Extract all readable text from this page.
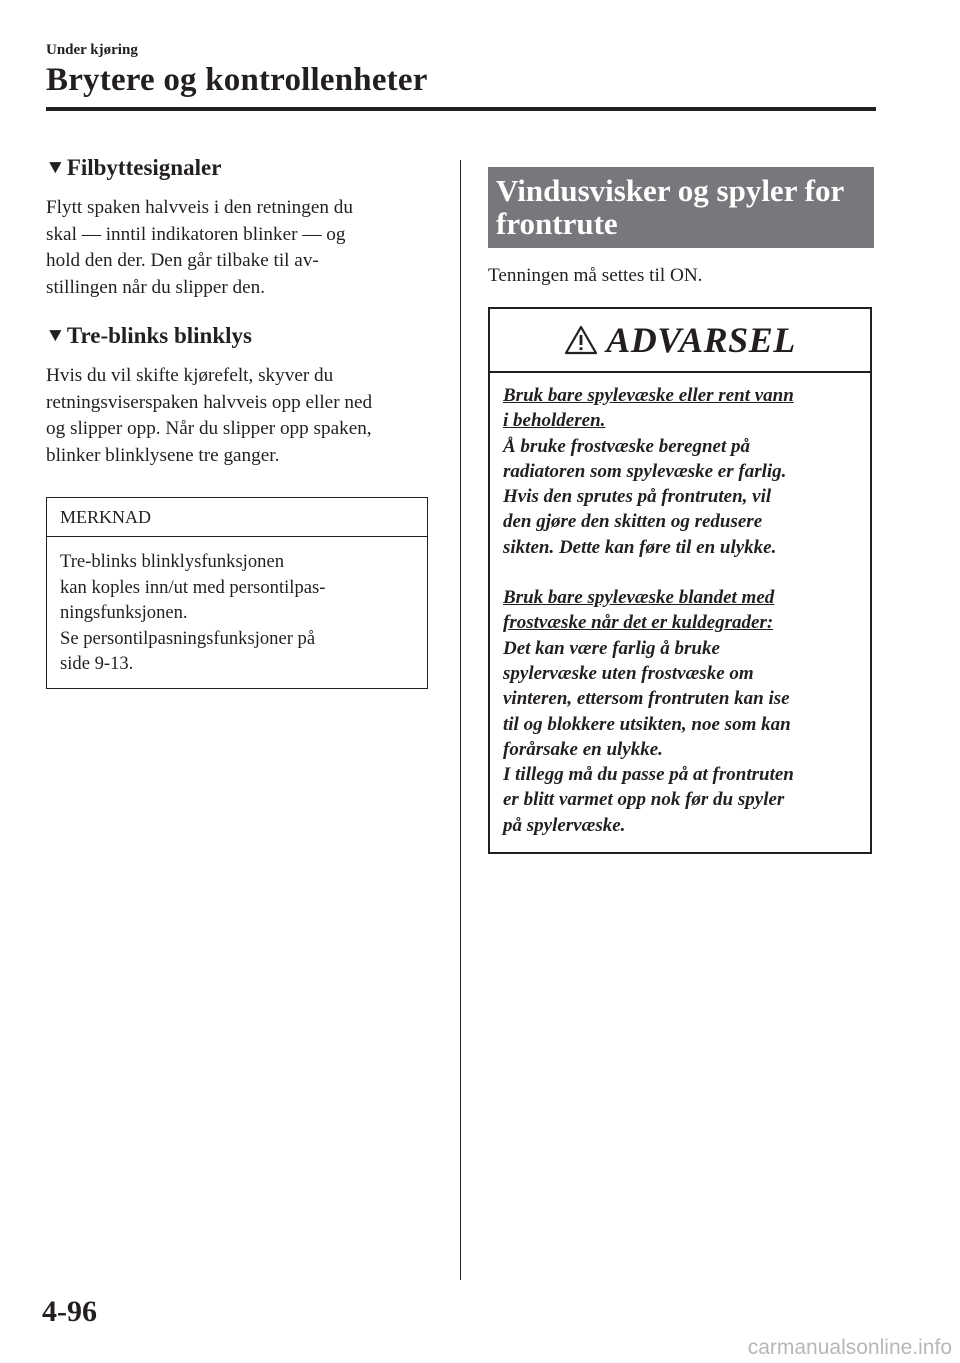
Under kjøring
Brytere og kontrollenheter
▼ Filbyttesignaler

Flytt spaken halvveis i den retningen du
skal ― inntil indikatoren blinker ― og
hold den der. Den går tilbake til av-
stillingen når du slipper den.

▼ Tre-blinks blinklys

Hvis du vil skifte kjørefelt, skyver du
retningsviserspaken halvveis opp eller ned
og slipper opp. Når du slipper opp spaken,
blinker blinklysene tre ganger.

MERKNAD
Tre-blinks blinklysfunksjonen
kan koples inn/ut med persontilpas-
ningsfunksjonen.
Se persontilpasningsfunksjoner på
side 9-13.
Vindusvisker og spyler for
frontrute
Tenningen må settes til ON.
ADVARSEL

Bruk bare spylevæske eller rent vann
i beholderen.

Å bruke frostvæske beregnet på
radiatoren som spylevæske er farlig.
Hvis den sprutes på frontruten, vil
den gjøre den skitten og redusere
sikten. Dette kan føre til en ulykke.

Bruk bare spylevæske blandet med
frostvæske når det er kuldegrader:

Det kan være farlig å bruke
spylervæske uten frostvæske om
vinteren, ettersom frontruten kan ise
til og blokkere utsikten, noe som kan
forårsake en ulykke.
I tillegg må du passe på at frontruten
er blitt varmet opp nok før du spyler
på spylervæske.

4-96
carmanualsonline.info
